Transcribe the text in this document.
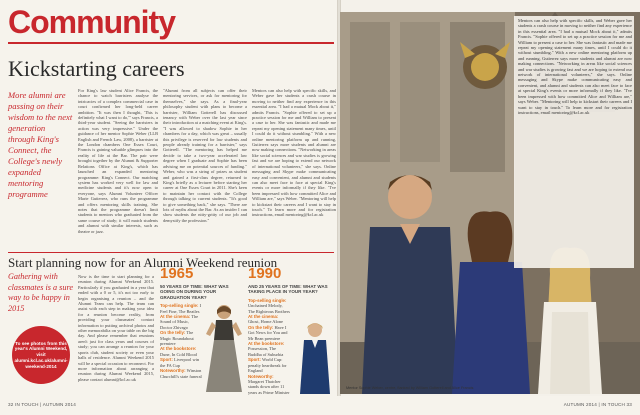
Community
Kickstarting careers
More alumni are passing on their wisdom to the next generation through King's Connect, the College's newly expanded mentoring programme
For King's law student Alice Francis, the chance to watch barristers analyse the intricacies of a complex commercial case in court confirmed her long-held career ambition. "It was then I thought, 'This is definitely what I want to do,'" says Francis, a third-year student. "Seeing the barristers in action was very impressive." Under the guidance of her mentor Sophie Weber (LLB English and French Law, 2008), a barrister at the London chambers One Essex Court, Francis is gaining valuable glimpses into the reality of life at the Bar. The pair were brought together by the Alumni & Supporter Relations Office at King's, which has launched an expanded mentoring programme: King's Connect. Our matching system has worked very well for law and medicine students and it's now open to everyone, says Alumni Volunteer Officer Marie Gutierrez, who runs the programme and offers mentoring skills training. She notes that the programme doesn't limit students to mentors who graduated from the same course of study; it will match students and alumni with similar interests, such as theatre or jazz.
"Alumni from all subjects can offer their mentoring services, or ask for mentoring for themselves," she says. As a final-year philosophy student with plans to become a barrister, William Gotterell has discussed tenancy with Weber over the last year since their introduction at a matching event at King's. "I was allowed to shadow Sophie in her chambers for a day, which was great – usually this privilege is reserved for law students and people already training for a barrister," says Gotterell. "The mentoring has helped me decide to take a two-year accelerated law degree when I graduate and Sophie has been advising me on potential sources of funding." Weber, who was a string of prizes as student and gained a first-class degree, returned to King's briefly as a lecturer before starting her career at One Essex Court in 2011. She's keen to maintain her contact with the College through talking to current students. "It's good to give something back," she says. "There are lots of myths about the Bar. As an insider I can show students the nitty-gritty of our job and demystify the profession."
Mentors can also help with specific skills, and Weber gave her students a crash course in moving to neither find any experience in this essential area. "I had a mutual Mock about it," admits Francis. "Sophie offered to set up a practice session for me and William to present a case to her. She was fantastic and made me repeat my opening statement many times, until I could do it without stumbling." With a new online mentoring platform up and running, Gutierrez says more students and alumni are now making connections. "Networking in areas like social sciences and war studies is growing fast and we are hoping to extend our network of international volunteers," she says. Online messaging and Skype make communicating easy and convenient, and alumni and students can also meet face to face at special King's events or more informally if they like. "I've been impressed with how committed Alice and William are," says Weber. "Mentoring will help to kickstart their careers and I want to stay in touch." To learn more and for registration instructions, email mentoring@kcl.ac.uk
Start planning now for an Alumni Weekend reunion
Gathering with classmates is a sure way to be happy in 2015
Now is the time to start planning for a reunion during Alumni Weekend 2015. Particularly if you graduated in a year that ended with a 0 or 5, it's not too early to begin organising a reunion – and the Alumni Team can help. The team can assist with each step in making your idea for a reunion become reality, from providing your classmates' contact information to putting archival photos and other memorabilia on your table on the big day. And please remember that reunions aren't just for class years and courses of study; you can arrange a reunion for your sports club, student society or even your halls of residence. Alumni Weekend 2015 will be a special occasion to reconnect. For more information about arranging a reunion during Alumni Weekend 2015, please contact alumni@kcl.ac.uk
To see photos from this year's Alumni Weekend, visit alumni.kcl.ac.uk/alumni-weekend-2014
1965
50 YEARS OF TIME: WHAT WAS GOING ON DURING YOUR GRADUATION YEAR?
Top-selling single: I Feel Fine, The Beatles
At the cinema: The Sound of Music, Doctor Zhivago
On the telly: The Magic Roundabout premiere
At the bookstore: Dune, In Cold Blood
Sport: Liverpool win the FA Cup
Noteworthy: Winston Churchill's state funeral
1990
AND 25 YEARS OF TIME: WHAT WAS TAKING PLACE IN YOUR YEAR?
Top-selling single: Unchained Melody, The Righteous Brothers
At the cinema: Ghost, Home Alone
On the telly: Have I Got News for You and Mr Bean premiere
At the bookstore: Possession, The Buddha of Suburbia
Sport: World Cup: penalty heartbreak for England
Noteworthy: Margaret Thatcher stands down after 11 years as Prime Minister
Mentors can also help with specific skills, and Weber gave her students a crash course in moving to neither find any experience in this essential area. "I had a mutual Mock about it," admits Francis. "Sophie offered to set up a practice session for me and William to present a case to her. She was fantastic and made me repeat my opening statement many times, until I could do it without stumbling." With a new online mentoring platform up and running, Gutierrez says more students and alumni are now making connections. "Networking in areas like social sciences and war studies is growing fast and we are hoping to extend our network of international volunteers," she says. Online messaging and Skype make communicating easy and convenient, and alumni and students can also meet face to face at special King's events or more informally if they like. "I've been impressed with how committed Alice and William are," says Weber. "Mentoring will help to kickstart their careers and I want to stay in touch." To learn more and for registration instructions, email mentoring@kcl.ac.uk
Mentor Sophie Weber, centre, flanked by William Gotterell and Alice Francis
32 IN TOUCH | AUTUMN 2014	AUTUMN 2014 | IN TOUCH 33
